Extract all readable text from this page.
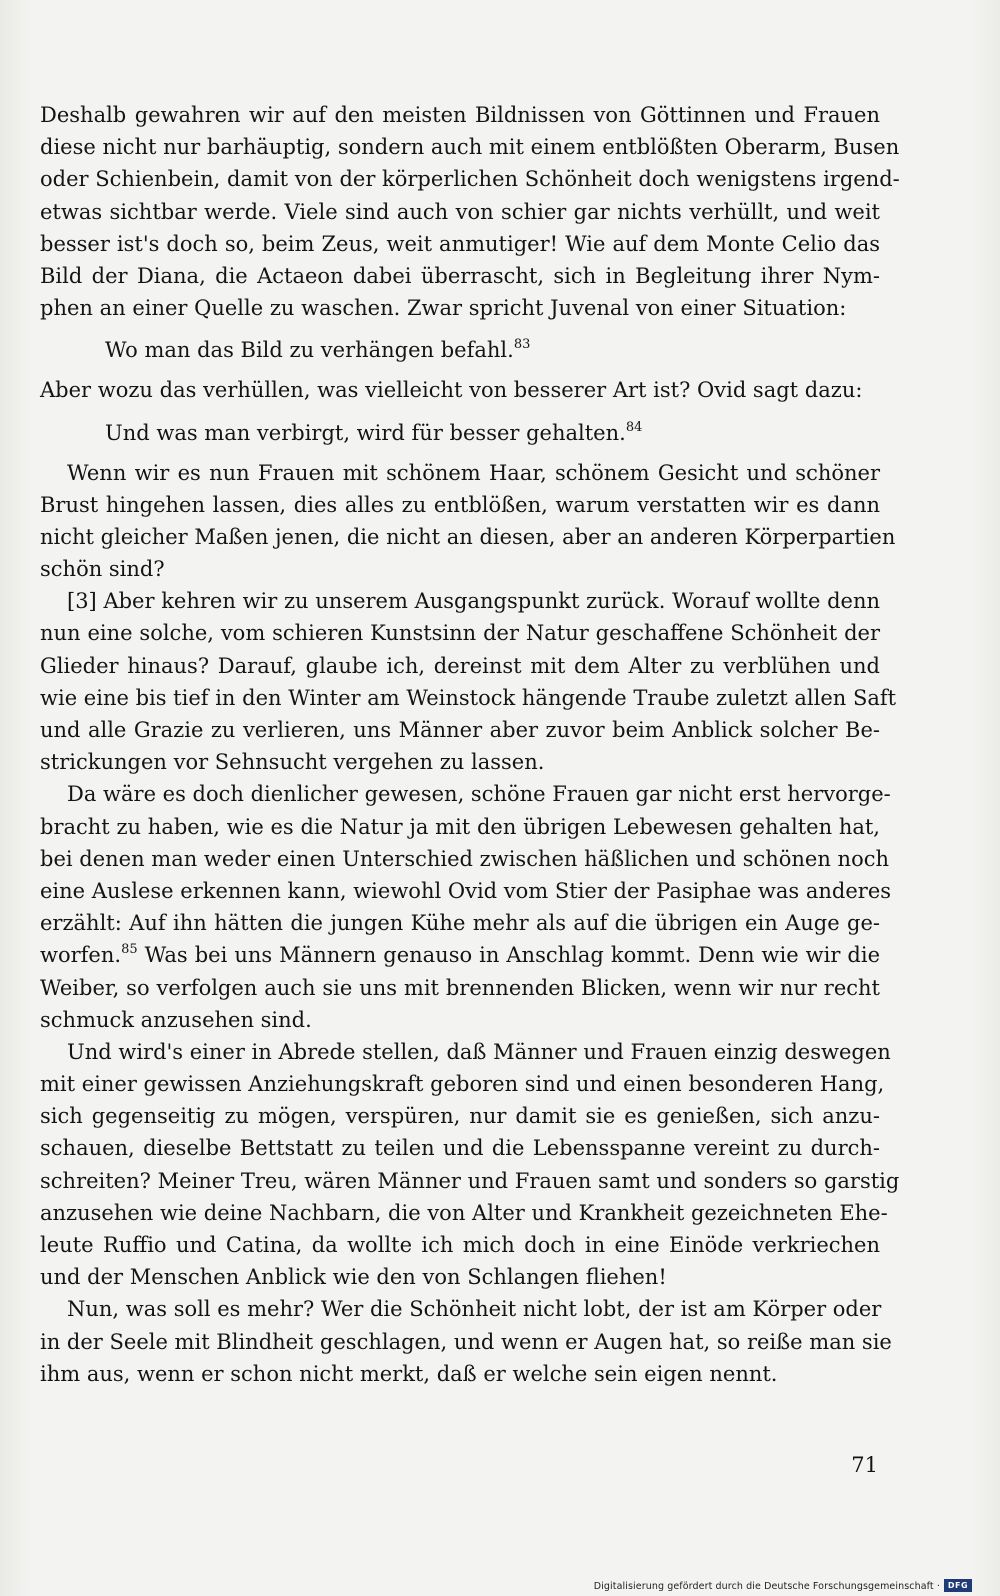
Deshalb gewahren wir auf den meisten Bildnissen von Göttinnen und Frauen
diese nicht nur barhäuptig, sondern auch mit einem entblößten Oberarm, Busen
oder Schienbein, damit von der körperlichen Schönheit doch wenigstens irgend-
etwas sichtbar werde. Viele sind auch von schier gar nichts verhüllt, und weit
besser ist's doch so, beim Zeus, weit anmutiger! Wie auf dem Monte Celio das
Bild der Diana, die Actaeon dabei überrascht, sich in Begleitung ihrer Nym-
phen an einer Quelle zu waschen. Zwar spricht Juvenal von einer Situation:
Wo man das Bild zu verhängen befahl.$^{83}$
Aber wozu das verhüllen, was vielleicht von besserer Art ist? Ovid sagt dazu:
Und was man verbirgt, wird für besser gehalten.$^{84}$
Wenn wir es nun Frauen mit schönem Haar, schönem Gesicht und schöner
Brust hingehen lassen, dies alles zu entblößen, warum verstatten wir es dann
nicht gleicher Maßen jenen, die nicht an diesen, aber an anderen Körperpartien
schön sind?
[3] Aber kehren wir zu unserem Ausgangspunkt zurück. Worauf wollte denn
nun eine solche, vom schieren Kunstsinn der Natur geschaffene Schönheit der
Glieder hinaus? Darauf, glaube ich, dereinst mit dem Alter zu verblühen und
wie eine bis tief in den Winter am Weinstock hängende Traube zuletzt allen Saft
und alle Grazie zu verlieren, uns Männer aber zuvor beim Anblick solcher Be-
strickungen vor Sehnsucht vergehen zu lassen.
Da wäre es doch dienlicher gewesen, schöne Frauen gar nicht erst hervorge-
bracht zu haben, wie es die Natur ja mit den übrigen Lebewesen gehalten hat,
bei denen man weder einen Unterschied zwischen häßlichen und schönen noch
eine Auslese erkennen kann, wiewohl Ovid vom Stier der Pasiphae was anderes
erzählt: Auf ihn hätten die jungen Kühe mehr als auf die übrigen ein Auge ge-
worfen.$^{85}$ Was bei uns Männern genauso in Anschlag kommt. Denn wie wir die
Weiber, so verfolgen auch sie uns mit brennenden Blicken, wenn wir nur recht
schmuck anzusehen sind.
Und wird's einer in Abrede stellen, daß Männer und Frauen einzig deswegen
mit einer gewissen Anziehungskraft geboren sind und einen besonderen Hang,
sich gegenseitig zu mögen, verspüren, nur damit sie es genießen, sich anzu-
schauen, dieselbe Bettstatt zu teilen und die Lebensspanne vereint zu durch-
schreiten? Meiner Treu, wären Männer und Frauen samt und sonders so garstig
anzusehen wie deine Nachbarn, die von Alter und Krankheit gezeichneten Ehe-
leute Ruffio und Catina, da wollte ich mich doch in eine Einöde verkriechen
und der Menschen Anblick wie den von Schlangen fliehen!
Nun, was soll es mehr? Wer die Schönheit nicht lobt, der ist am Körper oder
in der Seele mit Blindheit geschlagen, und wenn er Augen hat, so reiße man sie
ihm aus, wenn er schon nicht merkt, daß er welche sein eigen nennt.
71
Digitalisierung gefördert durch die Deutsche Forschungsgemeinschaft · DFG
